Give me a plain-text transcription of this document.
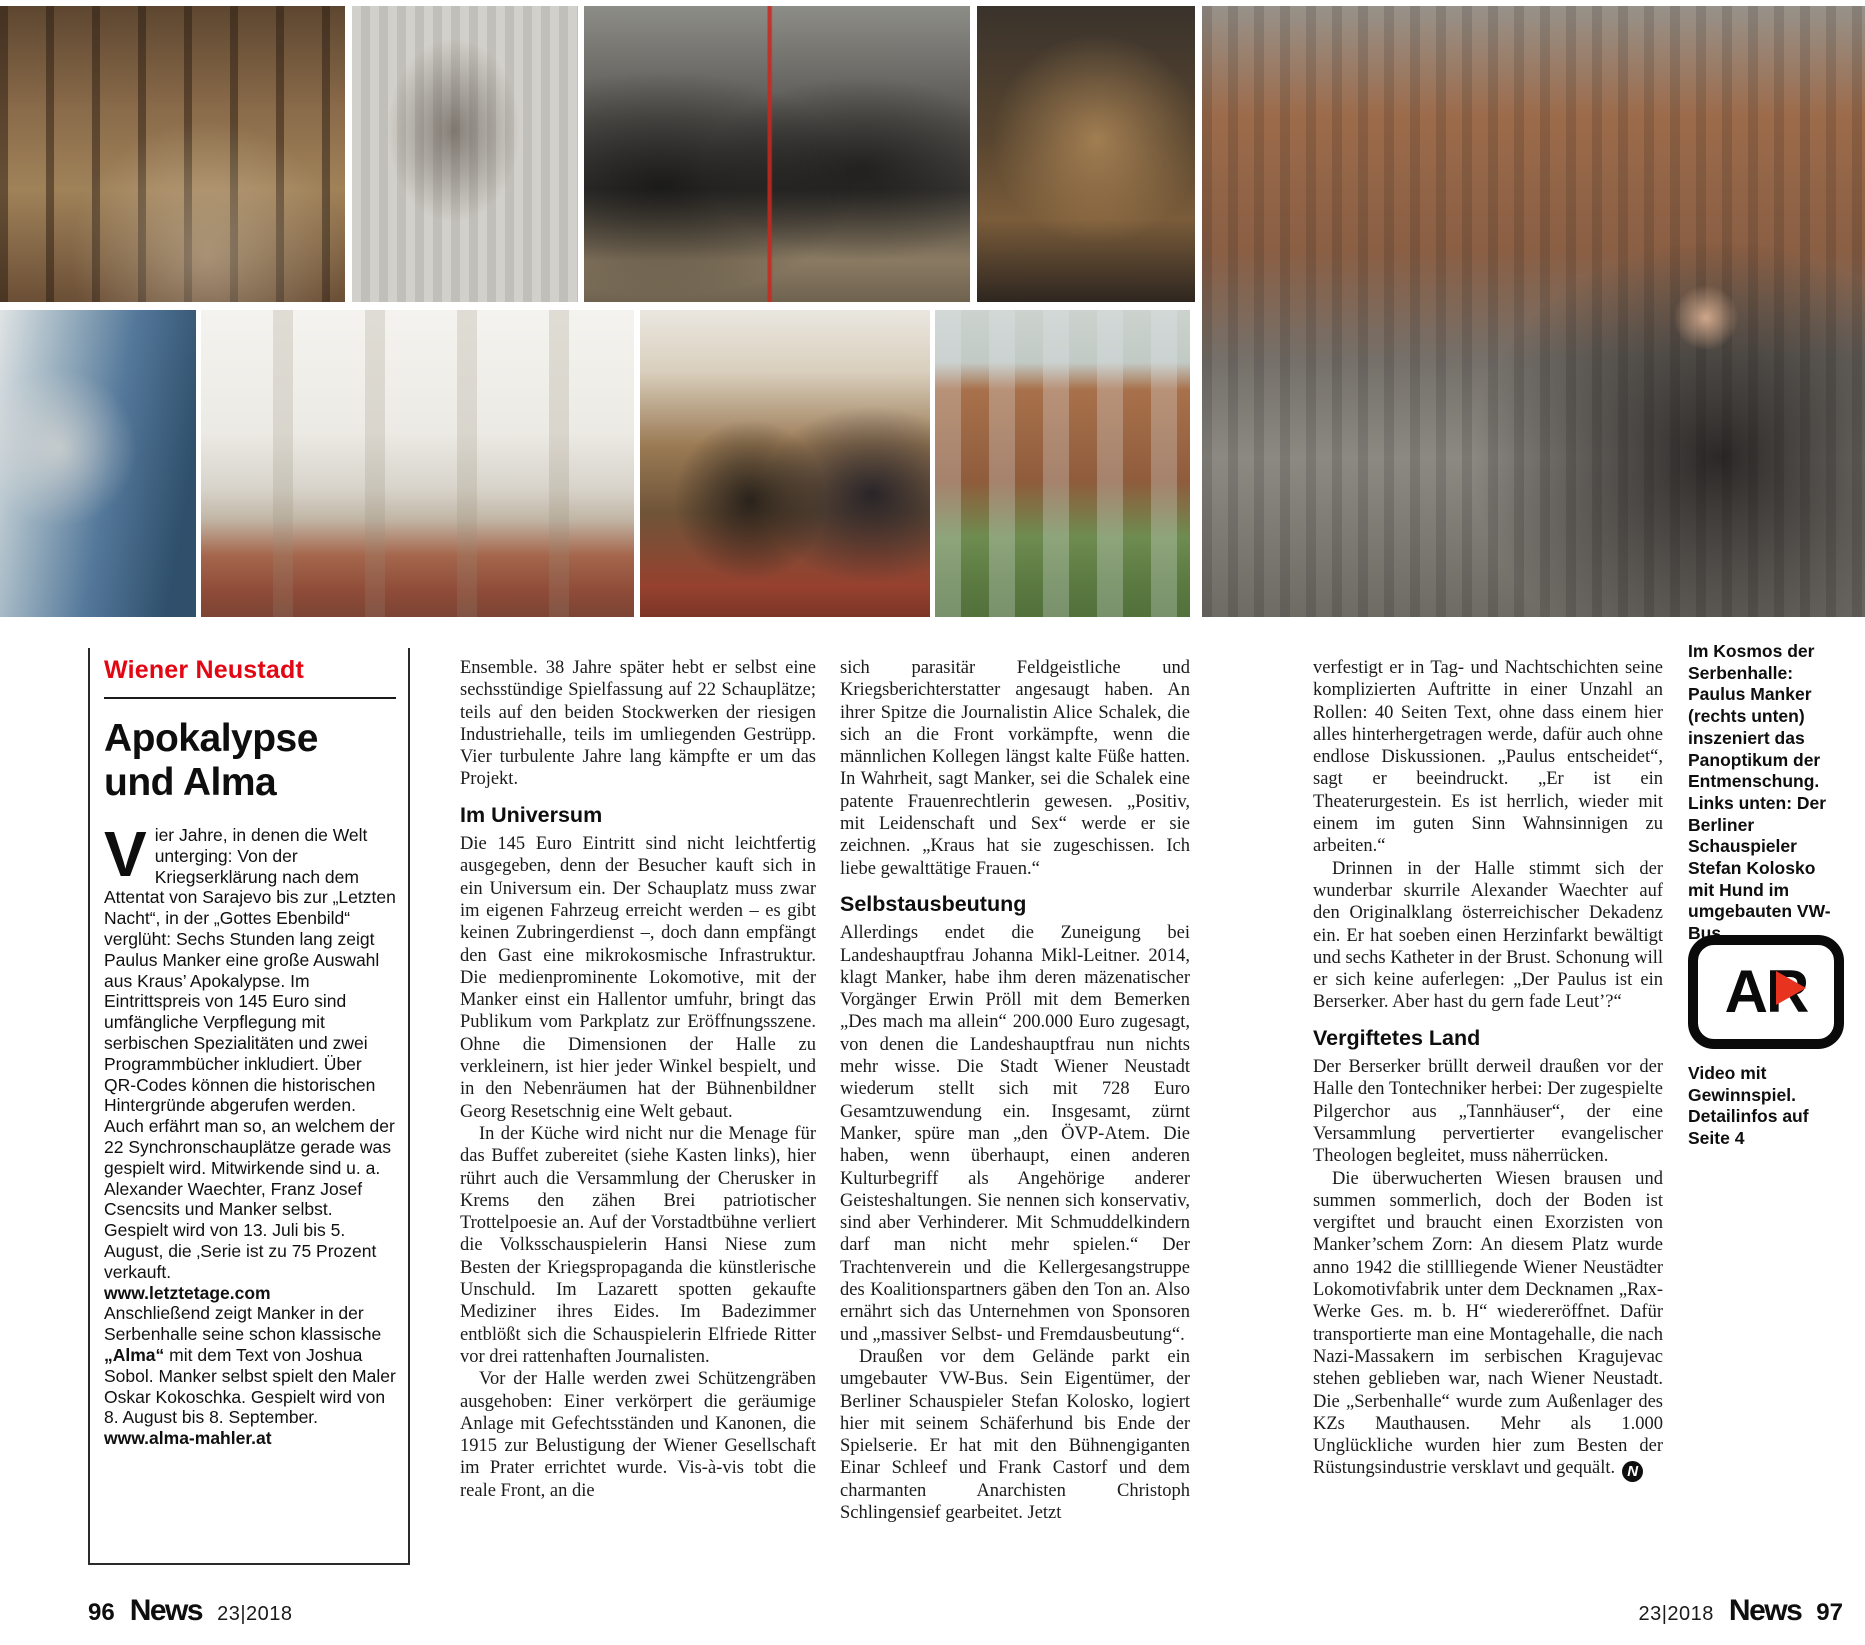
Wiener Neustadt
Apokalypse
und Alma

Vier Jahre, in denen die Welt unterging: Von der Kriegserklärung nach dem Attentat von Sarajevo bis zur „Letzten Nacht“, in der „Gottes Ebenbild“ verglüht: Sechs Stunden lang zeigt Paulus Manker eine große Auswahl aus Kraus’ Apokalypse. Im Eintrittspreis von 145 Euro sind umfängliche Verpflegung mit serbischen Spezialitäten und zwei Programmbücher inkludiert. Über QR-Codes können die historischen Hintergründe abgerufen werden. Auch erfährt man so, an welchem der 22 Synchronschauplätze gerade was gespielt wird. Mitwirkende sind u. a. Alexander Waechter, Franz Josef Csencsits und Manker selbst. Gespielt wird von 13. Juli bis 5. August, die ‚Serie ist zu 75 Prozent verkauft.
www.letztetage.com

Anschließend zeigt Manker in der Serbenhalle seine schon klassische „Alma“ mit dem Text von Joshua Sobol. Manker selbst spielt den Maler Oskar Kokoschka. Gespielt wird von 8. August bis 8. September.
www.alma-mahler.at

Ensemble. 38 Jahre später hebt er selbst eine sechsstündige Spielfassung auf 22 Schauplätze; teils auf den beiden Stockwerken der riesigen Industriehalle, teils im umliegenden Gestrüpp. Vier turbulente Jahre lang kämpfte er um das Projekt.

Im Universum

Die 145 Euro Eintritt sind nicht leichtfertig ausgegeben, denn der Besucher kauft sich in ein Universum ein. Der Schauplatz muss zwar im eigenen Fahrzeug erreicht werden – es gibt keinen Zubringerdienst –, doch dann empfängt den Gast eine mikrokosmische Infrastruktur. Die medienprominente Lokomotive, mit der Manker einst ein Hallentor umfuhr, bringt das Publikum vom Parkplatz zur Eröffnungsszene. Ohne die Dimensionen der Halle zu verkleinern, ist hier jeder Winkel bespielt, und in den Nebenräumen hat der Bühnenbildner Georg Resetschnig eine Welt gebaut.

In der Küche wird nicht nur die Menage für das Buffet zubereitet (siehe Kasten links), hier rührt auch die Versammlung der Cherusker in Krems den zähen Brei patriotischer Trottelpoesie an. Auf der Vorstadtbühne verliert die Volksschauspielerin Hansi Niese zum Besten der Kriegspropaganda die künstlerische Unschuld. Im Lazarett spotten gekaufte Mediziner ihres Eides. Im Badezimmer entblößt sich die Schauspielerin Elfriede Ritter vor drei rattenhaften Journalisten.

Vor der Halle werden zwei Schützengräben ausgehoben: Einer verkörpert die geräumige Anlage mit Gefechtsständen und Kanonen, die 1915 zur Belustigung der Wiener Gesellschaft im Prater errichtet wurde. Vis-à-vis tobt die reale Front, an die

sich parasitär Feldgeistliche und Kriegsberichterstatter angesaugt haben. An ihrer Spitze die Journalistin Alice Schalek, die sich an die Front vorkämpfte, wenn die männlichen Kollegen längst kalte Füße hatten. In Wahrheit, sagt Manker, sei die Schalek eine patente Frauenrechtlerin gewesen. „Positiv, mit Leidenschaft und Sex“ werde er sie zeichnen. „Kraus hat sie zugeschissen. Ich liebe gewalttätige Frauen.“

Selbstausbeutung

Allerdings endet die Zuneigung bei Landeshauptfrau Johanna Mikl-Leitner. 2014, klagt Manker, habe ihm deren mäzenatischer Vorgänger Erwin Pröll mit dem Bemerken „Des mach ma allein“ 200.000 Euro zugesagt, von denen die Landeshauptfrau nun nichts mehr wisse. Die Stadt Wiener Neustadt wiederum stellt sich mit 728 Euro Gesamtzuwendung ein. Insgesamt, zürnt Manker, spüre man „den ÖVP-Atem. Die haben, wenn überhaupt, einen anderen Kulturbegriff als Angehörige anderer Geisteshaltungen. Sie nennen sich konservativ, sind aber Verhinderer. Mit Schmuddelkindern darf man nicht mehr spielen.“ Der Trachtenverein und die Kellergesangstruppe des Koalitionspartners gäben den Ton an. Also ernährt sich das Unternehmen von Sponsoren und „massiver Selbst- und Fremdausbeutung“.

Draußen vor dem Gelände parkt ein umgebauter VW-Bus. Sein Eigentümer, der Berliner Schauspieler Stefan Kolosko, logiert hier mit seinem Schäferhund bis Ende der Spielserie. Er hat mit den Bühnengiganten Einar Schleef und Frank Castorf und dem charmanten Anarchisten Christoph Schlingensief gearbeitet. Jetzt

verfestigt er in Tag- und Nachtschichten seine komplizierten Auftritte in einer Unzahl an Rollen: 40 Seiten Text, ohne dass einem hier alles hinterhergetragen werde, dafür auch ohne endlose Diskussionen. „Paulus entscheidet“, sagt er beeindruckt. „Er ist ein Theaterurgestein. Es ist herrlich, wieder mit einem im guten Sinn Wahnsinnigen zu arbeiten.“

Drinnen in der Halle stimmt sich der wunderbar skurrile Alexander Waechter auf den Originalklang österreichischer Dekadenz ein. Er hat soeben einen Herzinfarkt bewältigt und sechs Katheter in der Brust. Schonung will er sich keine auferlegen: „Der Paulus ist ein Berserker. Aber hast du gern fade Leut’?“

Vergiftetes Land

Der Berserker brüllt derweil draußen vor der Halle den Tontechniker herbei: Der zugespielte Pilgerchor aus „Tannhäuser“, der eine Versammlung pervertierter evangelischer Theologen begleitet, muss näherrücken.

Die überwucherten Wiesen brausen und summen sommerlich, doch der Boden ist vergiftet und braucht einen Exorzisten von Manker’schem Zorn: An diesem Platz wurde anno 1942 die stillliegende Wiener Neustädter Lokomotivfabrik unter dem Decknamen „Rax-Werke Ges. m. b. H“ wiedereröffnet. Dafür transportierte man eine Montagehalle, die nach Nazi-Massakern im serbischen Kragujevac stehen geblieben war, nach Wiener Neustadt. Die „Serbenhalle“ wurde zum Außenlager des KZs Mauthausen. Mehr als 1.000 Unglückliche wurden hier zum Besten der Rüstungsindustrie versklavt und gequält. N

Im Kosmos der Serbenhalle: Paulus Manker (rechts unten) inszeniert das Panoptikum der Entmenschung. Links unten: Der Berliner Schauspieler Stefan Kolosko mit Hund im umgebauten VW-Bus
AR
Video mit Gewinnspiel. Detailinfos auf Seite 4
96 News 23|2018	23|2018 News 97
